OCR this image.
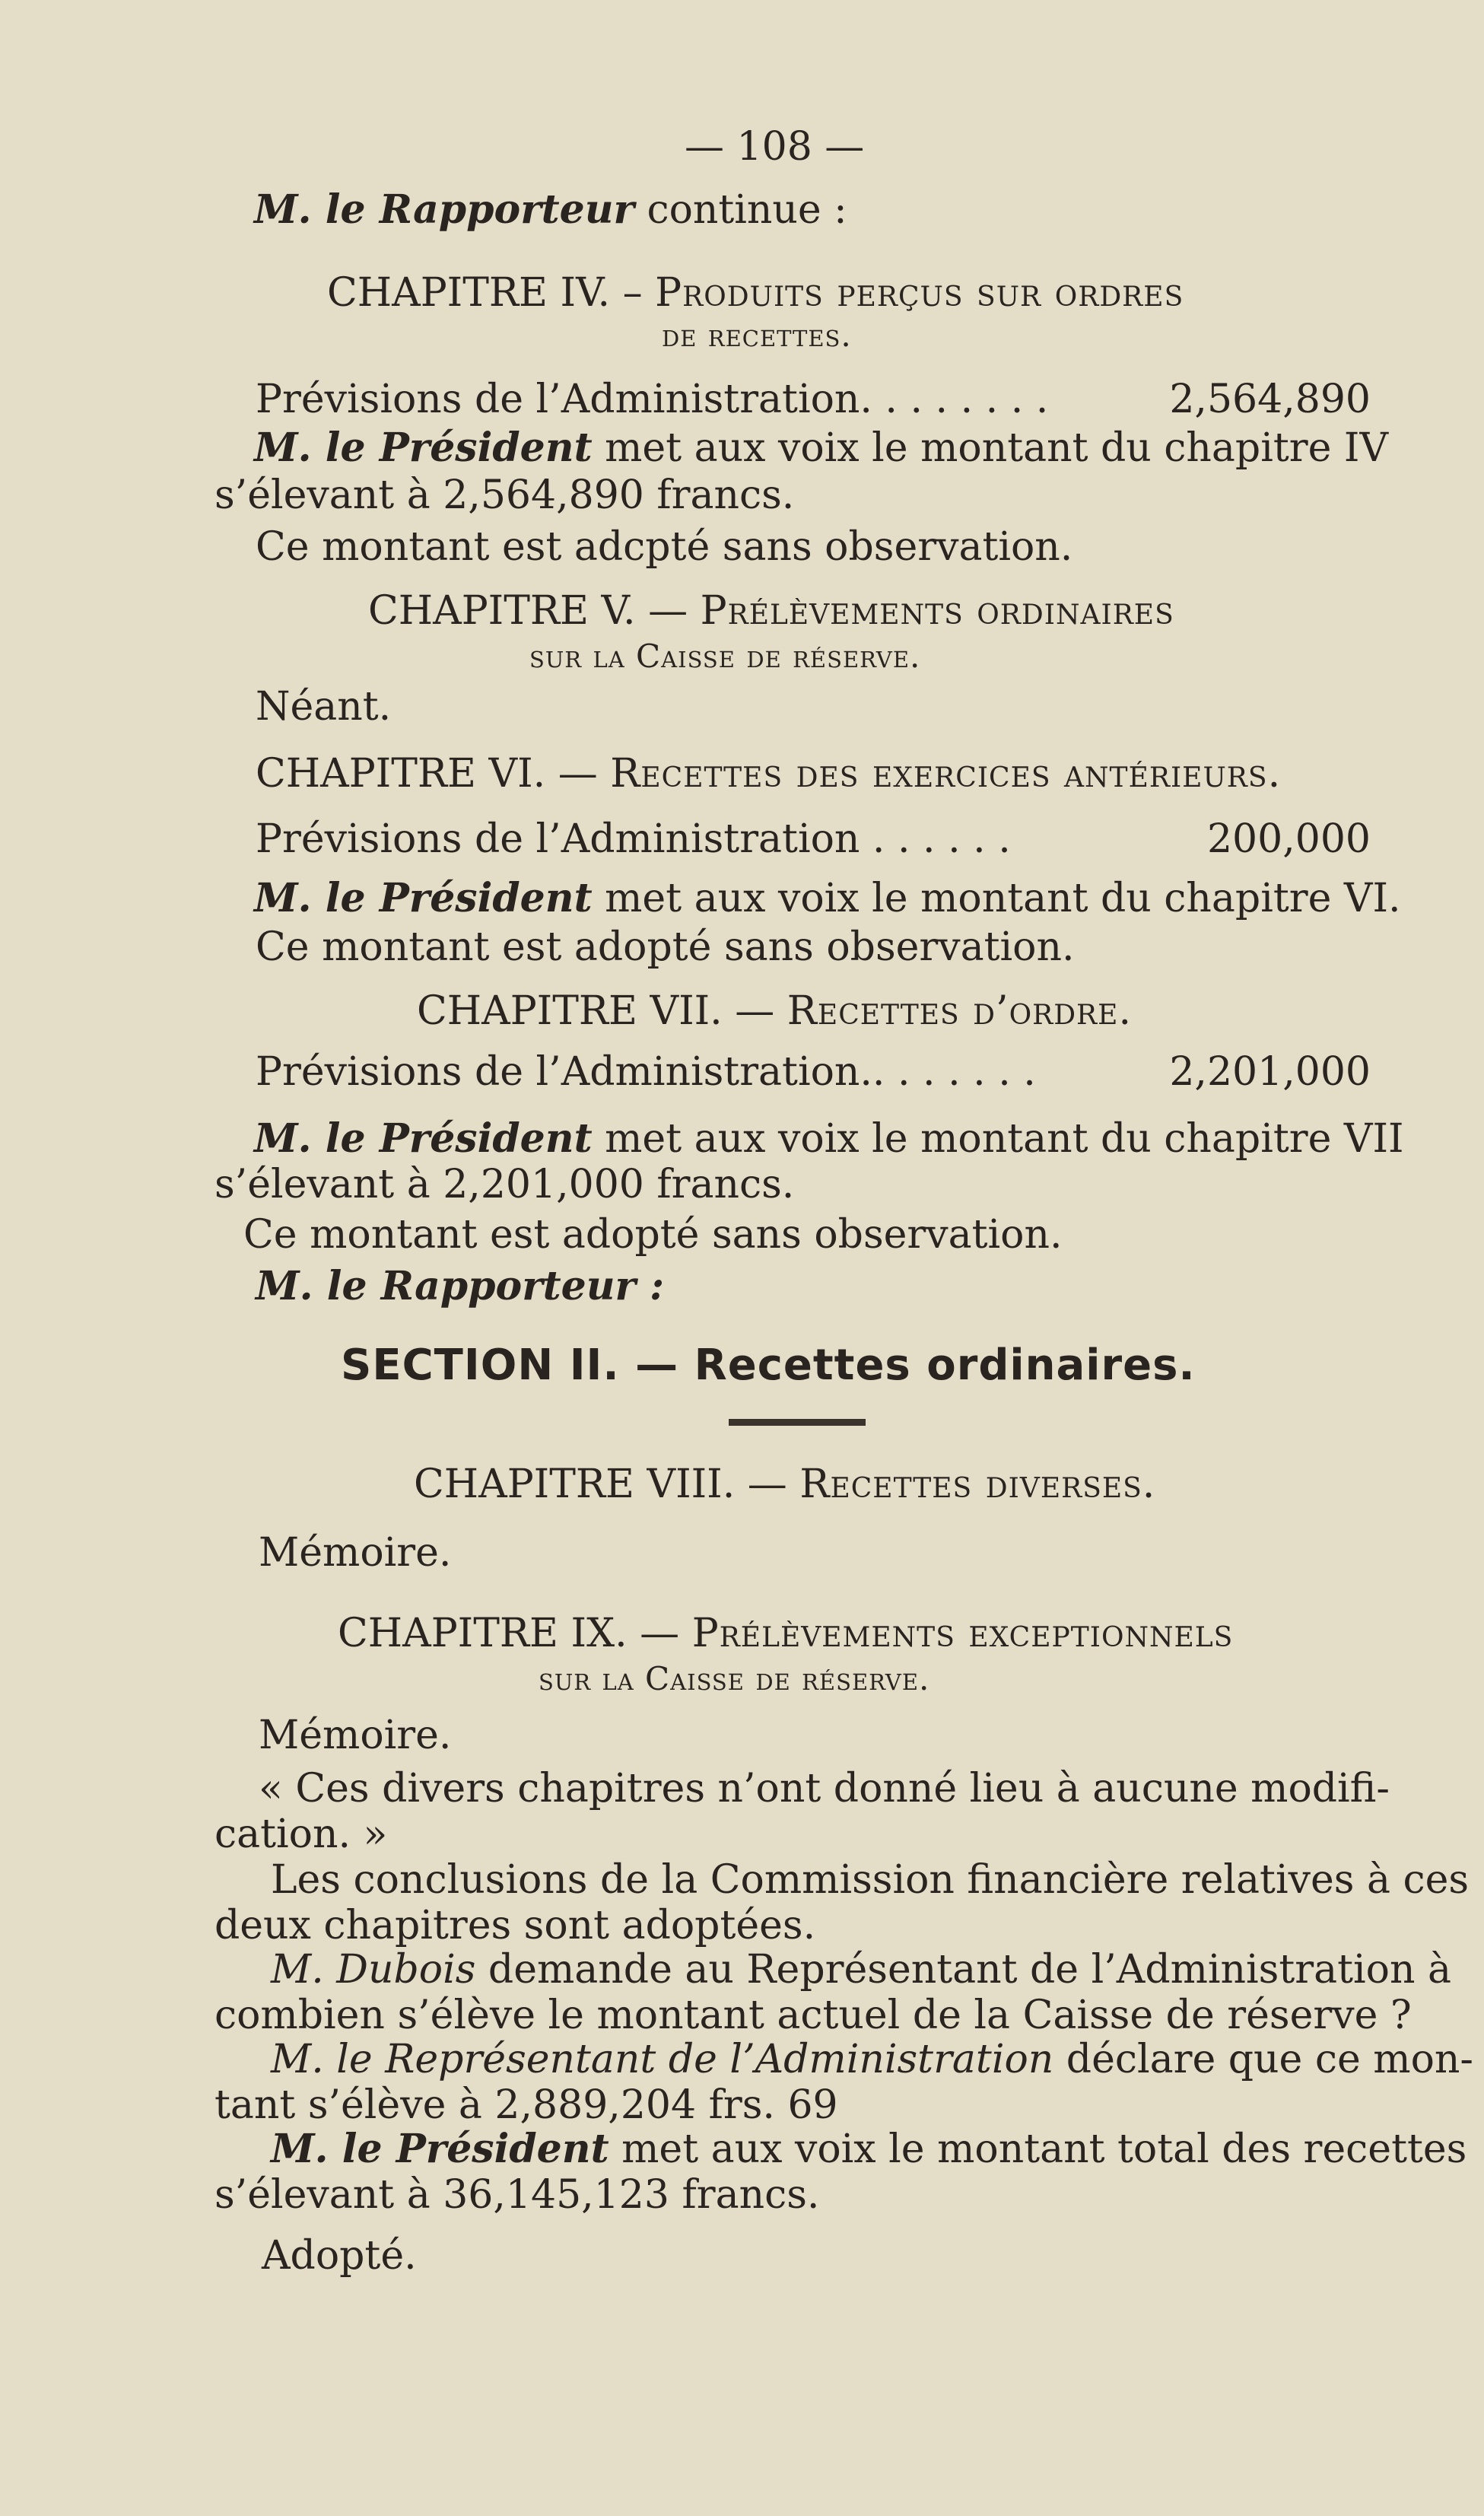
— 108 —
M. le Rapporteur continue :
CHAPITRE IV. – Produits perçus sur ordres
de recettes.
Prévisions de l’Administration. . . . . . . .	2,564,890
M. le Président met aux voix le montant du chapitre IV
s’élevant à 2,564,890 francs.
Ce montant est adcpté sans observation.
CHAPITRE V. — Prélèvements ordinaires
sur la Caisse de réserve.
Néant.
CHAPITRE VI. — Recettes des exercices antérieurs.
Prévisions de l’Administration . . . . . .	200,000
M. le Président met aux voix le montant du chapitre VI.
Ce montant est adopté sans observation.
CHAPITRE VII. — Recettes d’ordre.
Prévisions de l’Administration.. . . . . . .	2,201,000
M. le Président met aux voix le montant du chapitre VII
s’élevant à 2,201,000 francs.
Ce montant est adopté sans observation.
M. le Rapporteur :
SECTION II. — Recettes ordinaires.
CHAPITRE VIII. — Recettes diverses.
Mémoire.
CHAPITRE IX. — Prélèvements exceptionnels
sur la Caisse de réserve.
Mémoire.
« Ces divers chapitres n’ont donné lieu à aucune modifi-
cation. »
Les conclusions de la Commission financière relatives à ces
deux chapitres sont adoptées.
M. Dubois demande au Représentant de l’Administration à
combien s’élève le montant actuel de la Caisse de réserve ?
M. le Représentant de l’Administration déclare que ce mon-
tant s’élève à 2,889,204 frs. 69
M. le Président met aux voix le montant total des recettes
s’élevant à 36,145,123 francs.
Adopté.
